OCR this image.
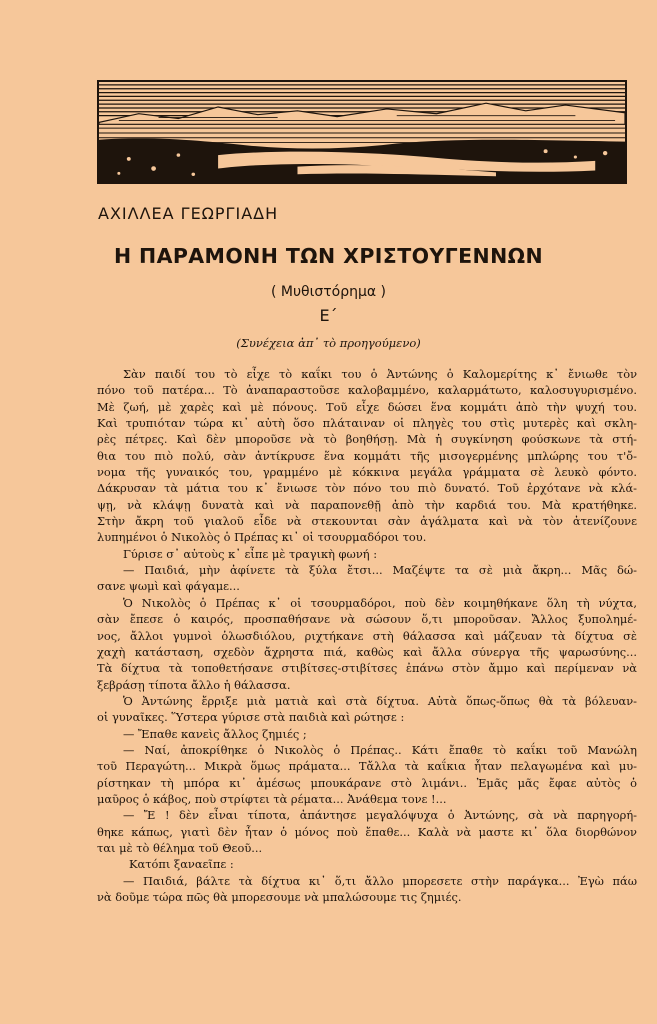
ΑΧΙΛΛΕΑ ΓΕΩΡΓΙΑΔΗ
Η ΠΑΡΑΜΟΝΗ ΤΩΝ ΧΡΙΣΤΟΥΓΕΝΝΩΝ
( Μυθιστόρημα )
Ε΄
(Συνέχεια ἀπ᾽ τὸ προηγούμενο)
Σὰν παιδί του τὸ εἶχε τὸ καΐκι του ὁ Ἀντώνης ὁ Καλομερίτης κ᾽ ἔνιωθε τὸν
πόνο τοῦ πατέρα... Τὸ ἀναπαραστοῦσε καλοβαμμένο, καλαρμάτωτο, καλοσυγυρισμένο.
Μὲ ζωή, μὲ χαρὲς καὶ μὲ πόνους. Τοῦ εἶχε δώσει ἕνα κομμάτι ἀπὸ τὴν ψυχή του.
Καὶ τρυπιόταν τώρα κι᾽ αὐτὴ ὅσο πλάταιναν οἱ πληγὲς του στὶς μυτερὲς καὶ σκλη-
ρὲς πέτρες. Καὶ δὲν μποροῦσε νὰ τὸ βοηθήσῃ. Μὰ ἡ συγκίνηση φούσκωνε τὰ στή-
θια του πιὸ πολύ, σὰν ἀντίκρυσε ἕνα κομμάτι τῆς μισογερμένης μπλώρης του τ'ὄ-
νομα τῆς γυναικός του, γραμμένο μὲ κόκκινα μεγάλα γράμματα σὲ λευκὸ φόντο.
Δάκρυσαν τὰ μάτια του κ᾽ ἔνιωσε τὸν πόνο του πιὸ δυνατό. Τοῦ ἐρχότανε νὰ κλά-
ψῃ, νὰ κλάψῃ δυνατὰ καὶ νὰ παραπονεθῇ ἀπὸ τὴν καρδιά του. Μὰ κρατήθηκε.
Στὴν ἄκρη τοῦ γιαλοῦ εἶδε νὰ στεκουνται σὰν ἀγάλματα καὶ νὰ τὸν ἀτενίζουνε
λυπημένοι ὁ Νικολὸς ὁ Πρέπας κι᾽ οἱ τσουρμαδόροι του.
Γύρισε σ᾽ αὐτοὺς κ᾽ εἶπε μὲ τραγικὴ φωνή :
— Παιδιά, μὴν ἀφίνετε τὰ ξύλα ἔτσι... Μαζέψτε τα σὲ μιὰ ἄκρη... Μᾶς δώ-
σανε ψωμὶ καὶ φάγαμε...
Ὁ Νικολὸς ὁ Πρέπας κ᾽ οἱ τσουρμαδόροι, ποὺ δὲν κοιμηθήκανε ὅλη τὴ νύχτα,
σὰν ἔπεσε ὁ καιρός, προσπαθήσανε νὰ σώσουν ὅ,τι μποροῦσαν. Ἄλλος ξυπολημέ-
νος, ἄλλοι γυμνοὶ ὁλωσδιόλου, ριχτήκανε στὴ θάλασσα καὶ μάζευαν τὰ δίχτυα σὲ
χαχὴ κατάσταση, σχεδὸν ἄχρηστα πιά, καθὼς καὶ ἄλλα σύνεργα τῆς ψαρωσύνης...
Τὰ δίχτυα τὰ τοποθετήσανε στιβίτσες-στιβίτσες ἐπάνω στὸν ἄμμο καὶ περίμεναν νὰ
ξεβράσῃ τίποτα ἄλλο ἡ θάλασσα.
Ὁ Ἀντώνης ἔρριξε μιὰ ματιὰ καὶ στὰ δίχτυα. Αὐτὰ ὅπως-ὅπως θὰ τὰ βόλευαν-
οἱ γυναῖκες. Ὕστερα γύρισε στὰ παιδιὰ καὶ ρώτησε :
— Ἔπαθε κανεὶς ἄλλος ζημιές ;
— Ναί, ἀποκρίθηκε ὁ Νικολὸς ὁ Πρέπας.. Κάτι ἔπαθε τὸ καΐκι τοῦ Μανώλη
τοῦ Περαγώτη... Μικρὰ ὅμως πράματα... Τἄλλα τὰ καΐκια ἦταν πελαγωμένα καὶ μυ-
ρίστηκαν τὴ μπόρα κι᾽ ἀμέσως μπουκάρανε στὸ λιμάνι.. Ἐμᾶς μᾶς ἔφαε αὐτὸς ὁ
μαῦρος ὁ κάβος, ποὺ στρίφτει τὰ ρέματα... Ἀνάθεμα τονε !...
— Ἔ ! δὲν εἶναι τίποτα, ἀπάντησε μεγαλόψυχα ὁ Ἀντώνης, σὰ νὰ παρηγορή-
θηκε κάπως, γιατὶ δὲν ἦταν ὁ μόνος ποὺ ἔπαθε... Καλὰ νὰ μαστε κι᾽ ὅλα διορθώνον
ται μὲ τὸ θέλημα τοῦ Θεοῦ...
Κατόπι ξαναεῖπε :
— Παιδιά, βάλτε τὰ δίχτυα κι᾽ ὅ,τι ἄλλο μπορεσετε στὴν παράγκα... Ἐγὼ πάω
νὰ δοῦμε τώρα πῶς θὰ μπορεσουμε νὰ μπαλώσουμε τις ζημιές.
